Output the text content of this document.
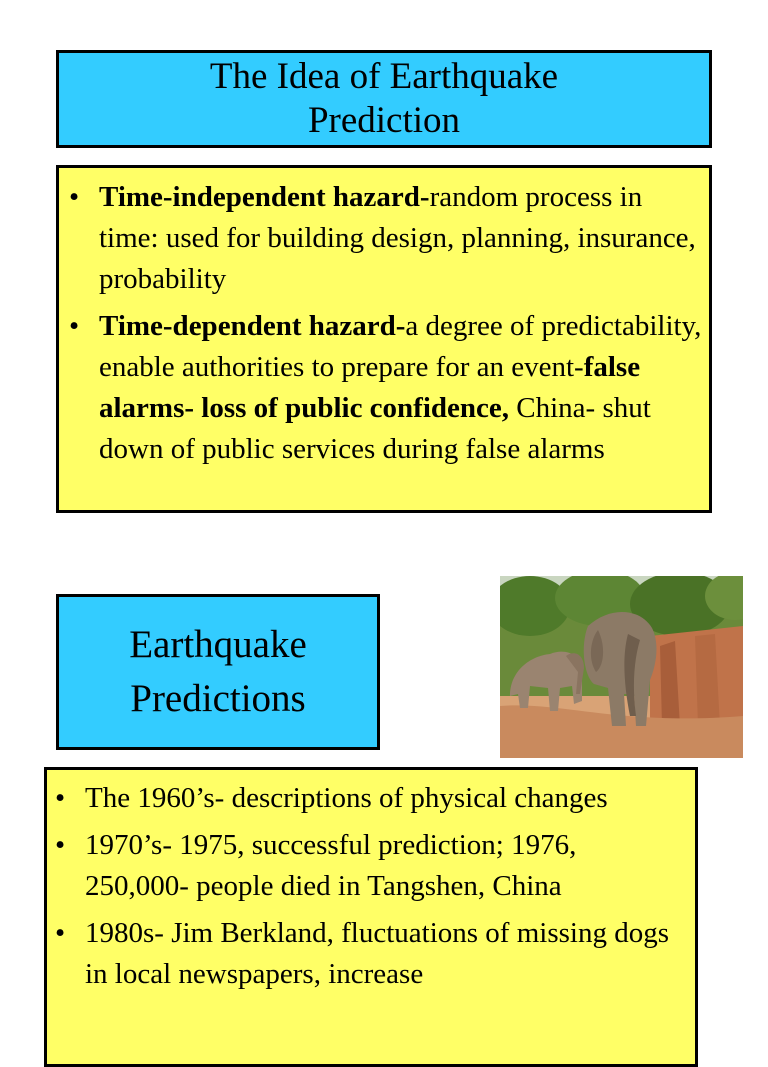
The Idea of Earthquake Prediction
• Time-independent hazard-random process in time: used for building design, planning, insurance, probability
• Time-dependent hazard-a degree of predictability, enable authorities to prepare for an event-false alarms- loss of public confidence, China- shut down of public services during false alarms
Earthquake Predictions
• The 1960’s- descriptions of physical changes
• 1970’s- 1975, successful prediction; 1976, 250,000- people died in Tangshen, China
• 1980s- Jim Berkland, fluctuations of missing dogs in local newspapers, increase
